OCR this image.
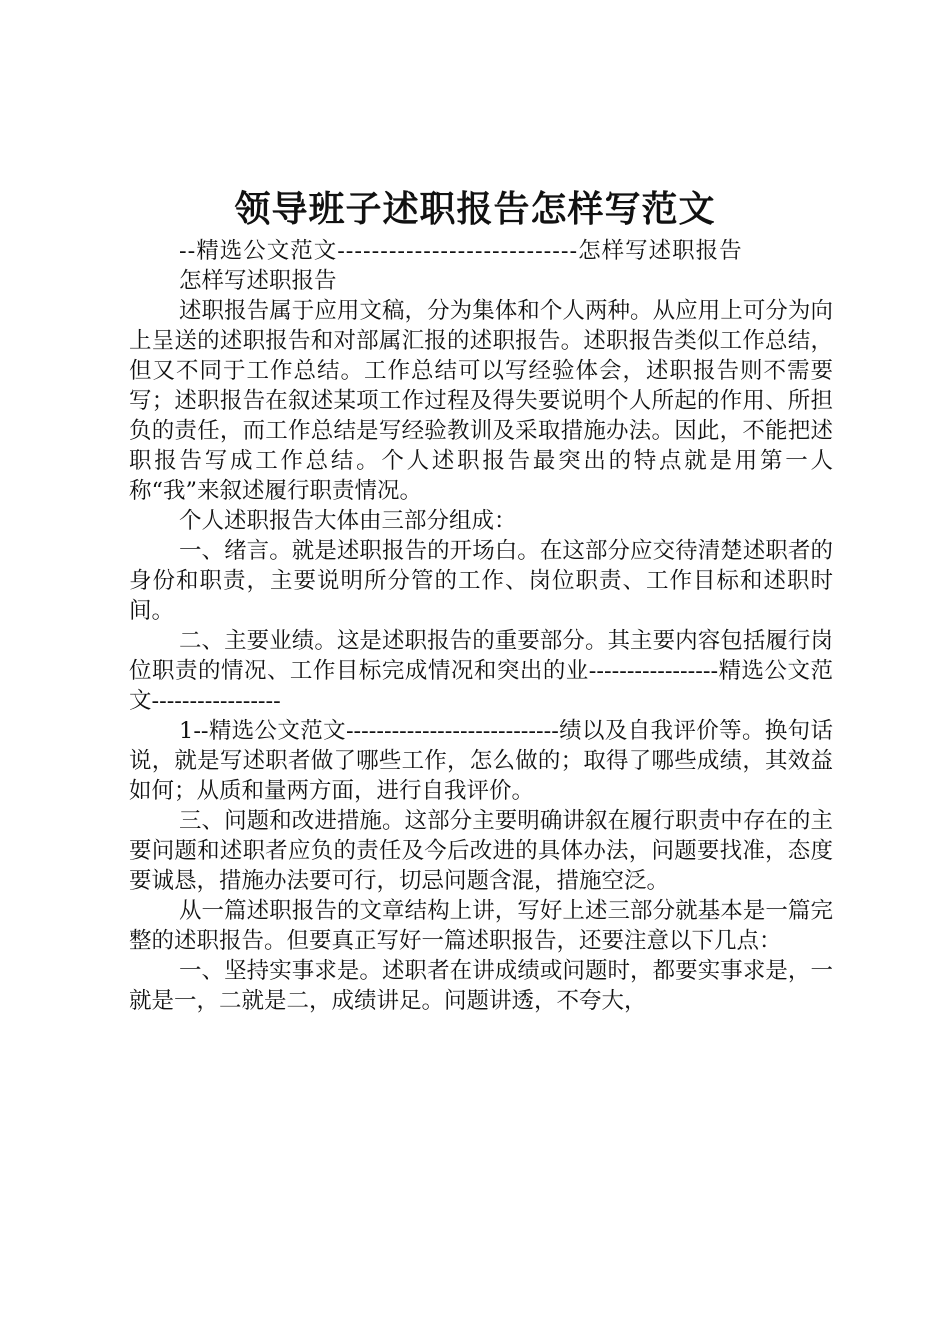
领导班子述职报告怎样写范文

--精选公文范文----------------------------怎样写述职报告

怎样写述职报告

述职报告属于应用文稿，分为集体和个人两种。从应用上可分为向上呈送的述职报告和对部属汇报的述职报告。述职报告类似工作总结，但又不同于工作总结。工作总结可以写经验体会，述职报告则不需要写；述职报告在叙述某项工作过程及得失要说明个人所起的作用、所担负的责任，而工作总结是写经验教训及采取措施办法。因此，不能把述职报告写成工作总结。个人述职报告最突出的特点就是用第一人称“我”来叙述履行职责情况。

个人述职报告大体由三部分组成：

一、绪言。就是述职报告的开场白。在这部分应交待清楚述职者的身份和职责，主要说明所分管的工作、岗位职责、工作目标和述职时间。

二、主要业绩。这是述职报告的重要部分。其主要内容包括履行岗位职责的情况、工作目标完成情况和突出的业-----------------精选公文范文-----------------

1--精选公文范文----------------------------绩以及自我评价等。换句话说，就是写述职者做了哪些工作，怎么做的；取得了哪些成绩，其效益如何；从质和量两方面，进行自我评价。

三、问题和改进措施。这部分主要明确讲叙在履行职责中存在的主要问题和述职者应负的责任及今后改进的具体办法，问题要找准，态度要诚恳，措施办法要可行，切忌问题含混，措施空泛。

从一篇述职报告的文章结构上讲，写好上述三部分就基本是一篇完整的述职报告。但要真正写好一篇述职报告，还要注意以下几点：

一、坚持实事求是。述职者在讲成绩或问题时，都要实事求是，一就是一，二就是二，成绩讲足。问题讲透，不夸大，
